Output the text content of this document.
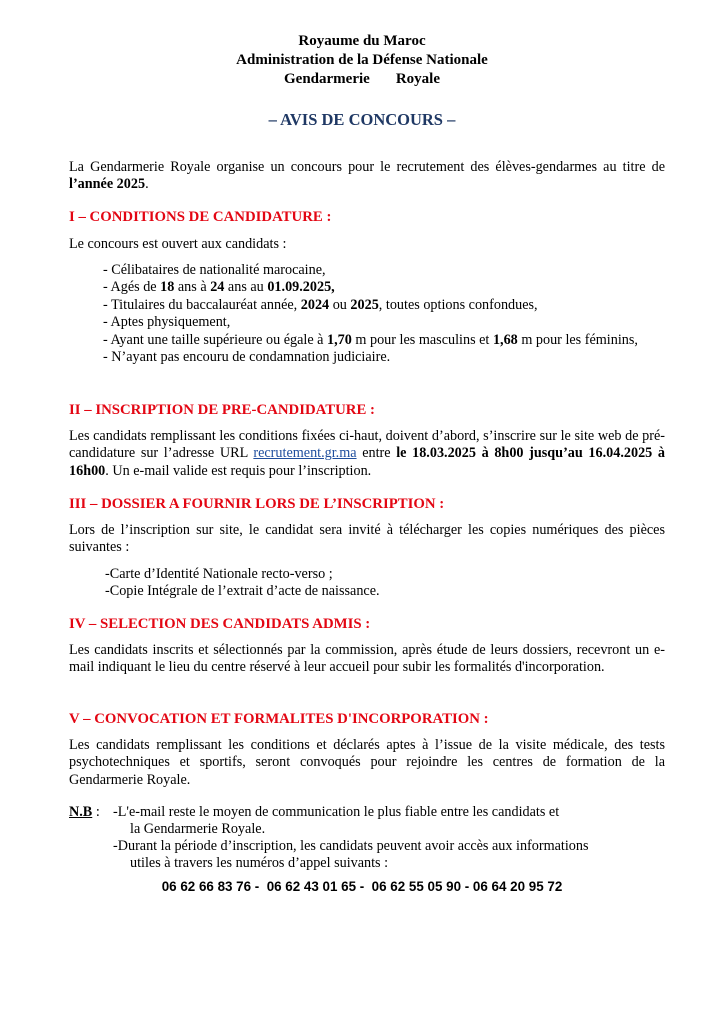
Royaume du Maroc
Administration de la Défense Nationale
Gendarmerie Royale
– AVIS DE CONCOURS –
La Gendarmerie Royale organise un concours pour le recrutement des élèves-gendarmes au titre de l’année 2025.
I – CONDITIONS DE CANDIDATURE :
Le concours est ouvert aux candidats :
- Célibataires de nationalité marocaine,
- Agés de 18 ans à 24 ans au 01.09.2025,
- Titulaires du baccalauréat année, 2024 ou 2025, toutes options confondues,
- Aptes physiquement,
- Ayant une taille supérieure ou égale à 1,70 m pour les masculins et 1,68 m pour les féminins,
- N’ayant pas encouru de condamnation judiciaire.
II – INSCRIPTION DE PRE-CANDIDATURE :
Les candidats remplissant les conditions fixées ci-haut, doivent d’abord, s’inscrire sur le site web de pré-candidature sur l’adresse URL recrutement.gr.ma entre le 18.03.2025 à 8h00 jusqu’au 16.04.2025 à 16h00. Un e-mail valide est requis pour l’inscription.
III – DOSSIER A FOURNIR LORS DE L’INSCRIPTION :
Lors de l’inscription sur site, le candidat sera invité à télécharger les copies numériques des pièces suivantes :
-Carte d’Identité Nationale recto-verso ;
-Copie Intégrale de l’extrait d’acte de naissance.
IV – SELECTION DES CANDIDATS ADMIS :
Les candidats inscrits et sélectionnés par la commission, après étude de leurs dossiers, recevront un e-mail indiquant le lieu du centre réservé à leur accueil pour subir les formalités d'incorporation.
V – CONVOCATION ET FORMALITES D'INCORPORATION :
Les candidats remplissant les conditions et déclarés aptes à l’issue de la visite médicale, des tests psychotechniques et sportifs, seront convoqués pour rejoindre les centres de formation de la Gendarmerie Royale.
N.B : -L'e-mail reste le moyen de communication le plus fiable entre les candidats et
la Gendarmerie Royale.
-Durant la période d’inscription, les candidats peuvent avoir accès aux informations
utiles à travers les numéros d’appel suivants :
06 62 66 83 76 -  06 62 43 01 65 -  06 62 55 05 90 - 06 64 20 95 72
